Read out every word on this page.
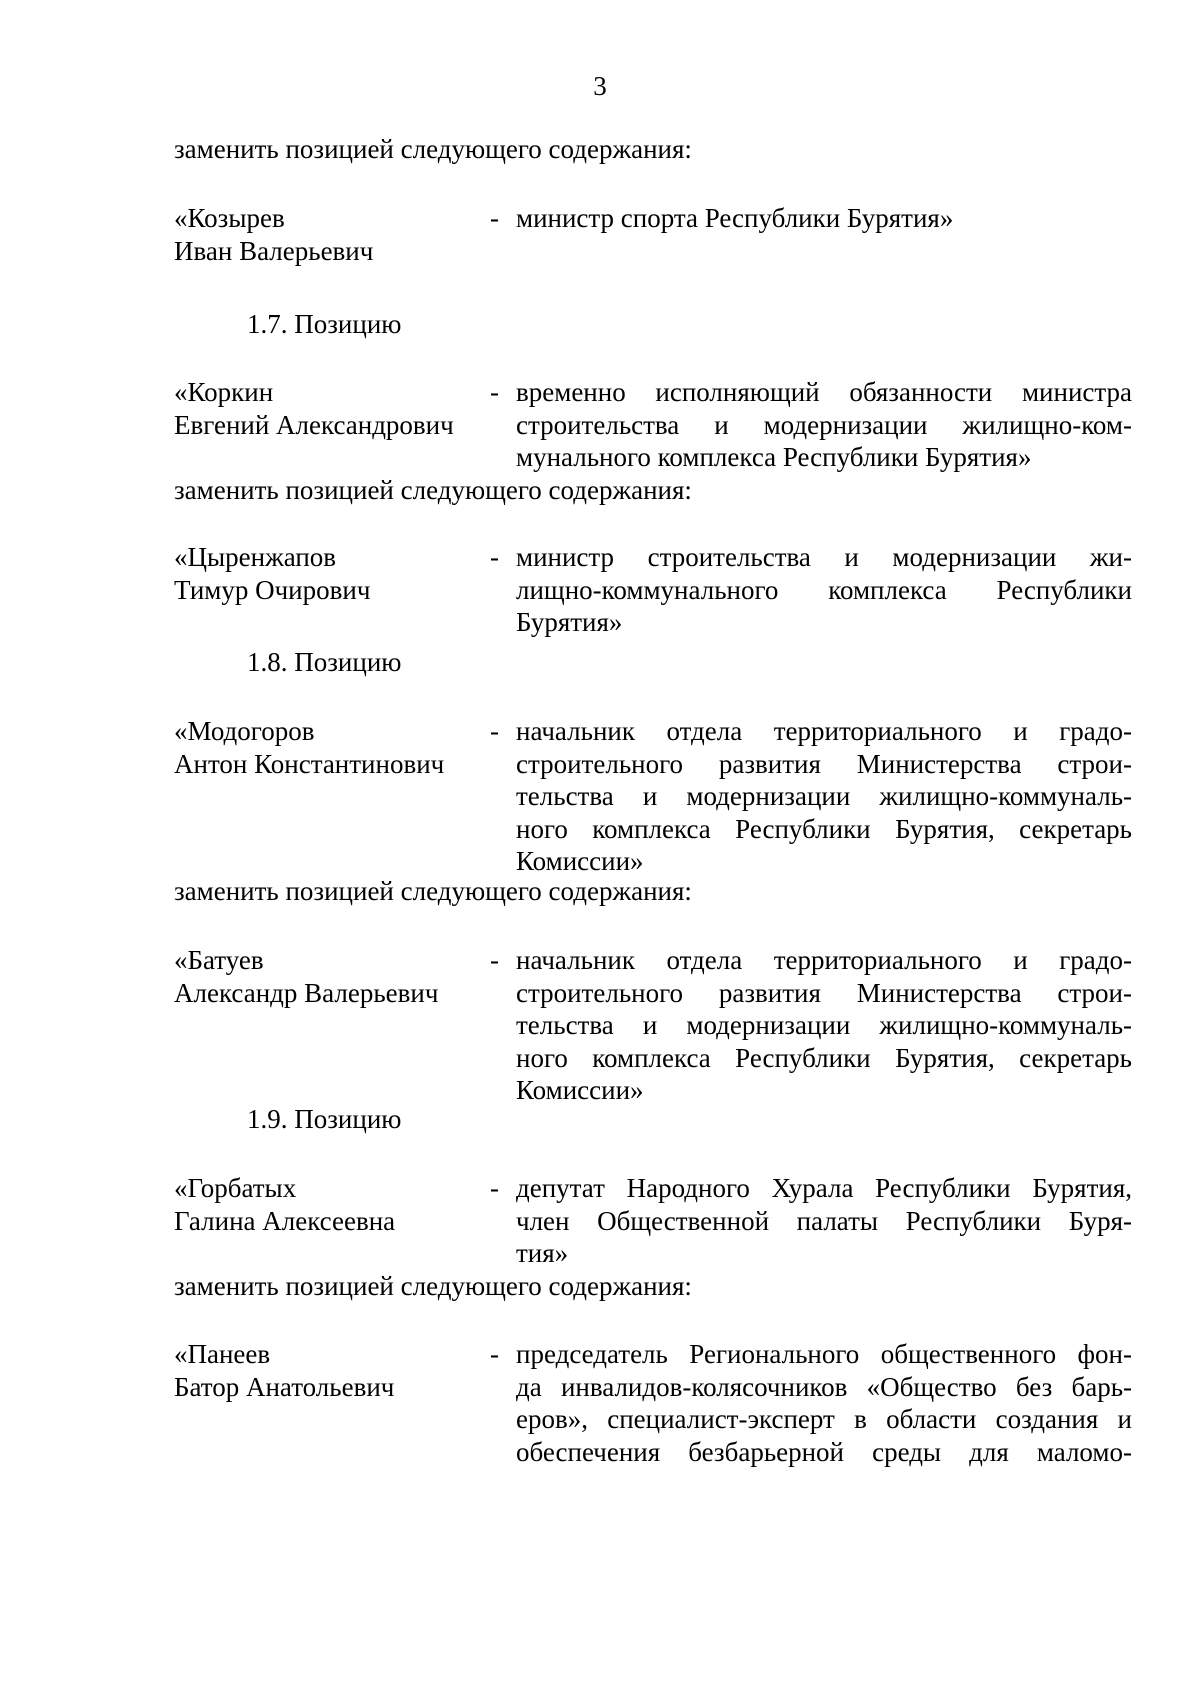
3
заменить позицией следующего содержания:
«Козырев
Иван Валерьевич
- министр спорта Республики Бурятия»
1.7. Позицию
«Коркин
Евгений Александрович
- временно исполняющий обязанности министра
строительства и модернизации жилищно-ком-
мунального комплекса Республики Бурятия»
заменить позицией следующего содержания:
«Цыренжапов
Тимур Очирович
- министр строительства и модернизации жи-
лищно-коммунального комплекса Республики
Бурятия»
1.8. Позицию
«Модогоров
Антон Константинович
- начальник отдела территориального и градо-
строительного развития Министерства строи-
тельства и модернизации жилищно-коммуналь-
ного комплекса Республики Бурятия, секретарь
Комиссии»
заменить позицией следующего содержания:
«Батуев
Александр Валерьевич
- начальник отдела территориального и градо-
строительного развития Министерства строи-
тельства и модернизации жилищно-коммуналь-
ного комплекса Республики Бурятия, секретарь
Комиссии»
1.9. Позицию
«Горбатых
Галина Алексеевна
- депутат Народного Хурала Республики Бурятия,
член Общественной палаты Республики Буря-
тия»
заменить позицией следующего содержания:
«Панеев
Батор Анатольевич
- председатель Регионального общественного фон-
да инвалидов-колясочников «Общество без барь-
еров», специалист-эксперт в области создания и
обеспечения безбарьерной среды для маломо-
